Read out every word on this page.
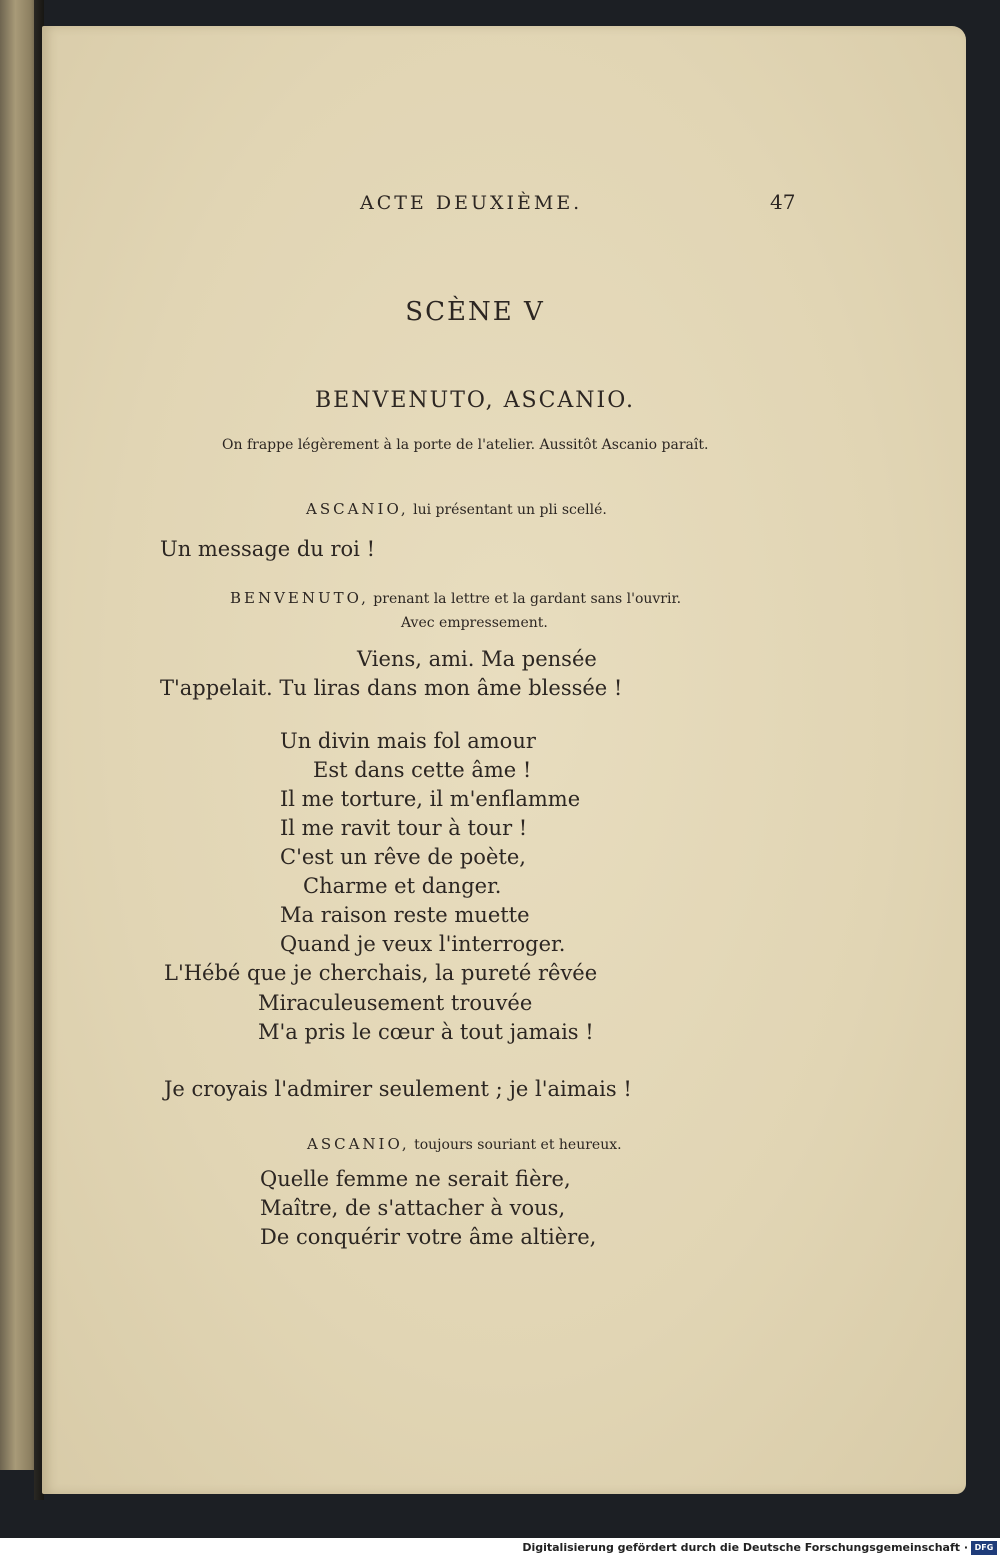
ACTE DEUXIÈME.	47
SCÈNE V
BENVENUTO, ASCANIO.
On frappe légèrement à la porte de l'atelier. Aussitôt Ascanio paraît.
ASCANIO, lui présentant un pli scellé.
Un message du roi !
BENVENUTO, prenant la lettre et la gardant sans l'ouvrir.
Avec empressement.
Viens, ami. Ma pensée
T'appelait. Tu liras dans mon âme blessée !
Un divin mais fol amour
Est dans cette âme !
Il me torture, il m'enflamme
Il me ravit tour à tour !
C'est un rêve de poète,
Charme et danger.
Ma raison reste muette
Quand je veux l'interroger.
L'Hébé que je cherchais, la pureté rêvée
Miraculeusement trouvée
M'a pris le cœur à tout jamais !
Je croyais l'admirer seulement ; je l'aimais !
ASCANIO, toujours souriant et heureux.
Quelle femme ne serait fière,
Maître, de s'attacher à vous,
De conquérir votre âme altière,
Digitalisierung gefördert durch die Deutsche Forschungsgemeinschaft · DFG
